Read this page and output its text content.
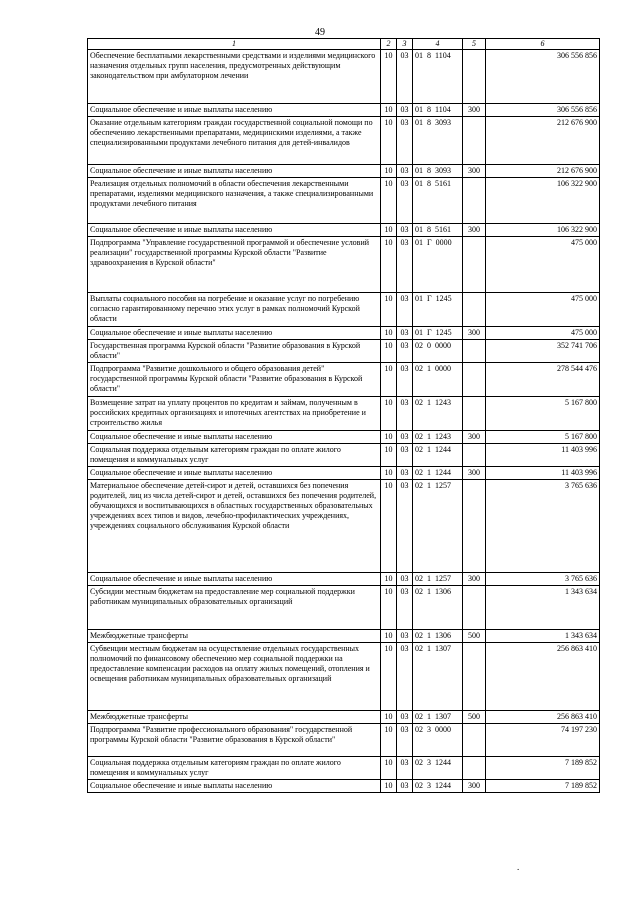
49
1	2	3	4	5	6
Обеспечение бесплатными лекарственными средствами и изделиями медицинского назначения отдельных групп населения, предусмотренных действующим законодательством при амбулаторном лечении	10	03	01  8  1104		306 556 856
Социальное обеспечение и иные выплаты населению	10	03	01  8  1104	300	306 556 856
Оказание отдельным категориям граждан государственной социальной помощи по обеспечению лекарственными препаратами, медицинскими изделиями, а также специализированными продуктами лечебного питания для детей-инвалидов	10	03	01  8  3093		212 676 900
Социальное обеспечение и иные выплаты населению	10	03	01  8  3093	300	212 676 900
Реализация отдельных полномочий в области обеспечения лекарственными препаратами, изделиями медицинского назначения, а также специализированными продуктами лечебного питания	10	03	01  8  5161		106 322 900
Социальное обеспечение и иные выплаты населению	10	03	01  8  5161	300	106 322 900
Подпрограмма "Управление государственной программой и обеспечение условий реализации" государственной программы Курской области "Развитие здравоохранения в Курской области"	10	03	01  Г  0000		475 000
Выплаты социального пособия на погребение и оказание услуг по погребению согласно гарантированному перечню этих услуг в рамках полномочий Курской области	10	03	01  Г  1245		475 000
Социальное обеспечение и иные выплаты населению	10	03	01  Г  1245	300	475 000
Государственная программа Курской области "Развитие образования в Курской области"	10	03	02  0  0000		352 741 706
Подпрограмма "Развитие дошкольного и общего образования детей" государственной программы Курской области "Развитие образования в Курской области"	10	03	02  1  0000		278 544 476
Возмещение затрат на уплату процентов по кредитам и займам, полученным в российских кредитных организациях и ипотечных агентствах на приобретение и строительство жилья	10	03	02  1  1243		5 167 800
Социальное обеспечение и иные выплаты населению	10	03	02  1  1243	300	5 167 800
Социальная поддержка отдельным категориям граждан по оплате жилого помещения и коммунальных услуг	10	03	02  1  1244		11 403 996
Социальное обеспечение и иные выплаты населению	10	03	02  1  1244	300	11 403 996
Материальное обеспечение детей-сирот и детей, оставшихся без попечения родителей, лиц из числа детей-сирот и детей, оставшихся без попечения родителей, обучающихся и воспитывающихся в областных государственных образовательных учреждениях всех типов и видов, лечебно-профилактических учреждениях, учреждениях социального обслуживания Курской области	10	03	02  1  1257		3 765 636
Социальное обеспечение и иные выплаты населению	10	03	02  1  1257	300	3 765 636
Субсидии местным бюджетам на предоставление мер социальной поддержки работникам муниципальных образовательных организаций	10	03	02  1  1306		1 343 634
Межбюджетные трансферты	10	03	02  1  1306	500	1 343 634
Субвенции местным бюджетам на осуществление отдельных государственных полномочий по финансовому обеспечению мер социальной поддержки на предоставление компенсации расходов на оплату жилых помещений, отопления и освещения работникам муниципальных образовательных организаций	10	03	02  1  1307		256 863 410
Межбюджетные трансферты	10	03	02  1  1307	500	256 863 410
Подпрограмма "Развитие профессионального образования" государственной программы Курской области "Развитие образования в Курской области"	10	03	02  3  0000		74 197 230
Социальная поддержка отдельным категориям граждан по оплате жилого помещения и коммунальных услуг	10	03	02  3  1244		7 189 852
Социальное обеспечение и иные выплаты населению	10	03	02  3  1244	300	7 189 852
.
